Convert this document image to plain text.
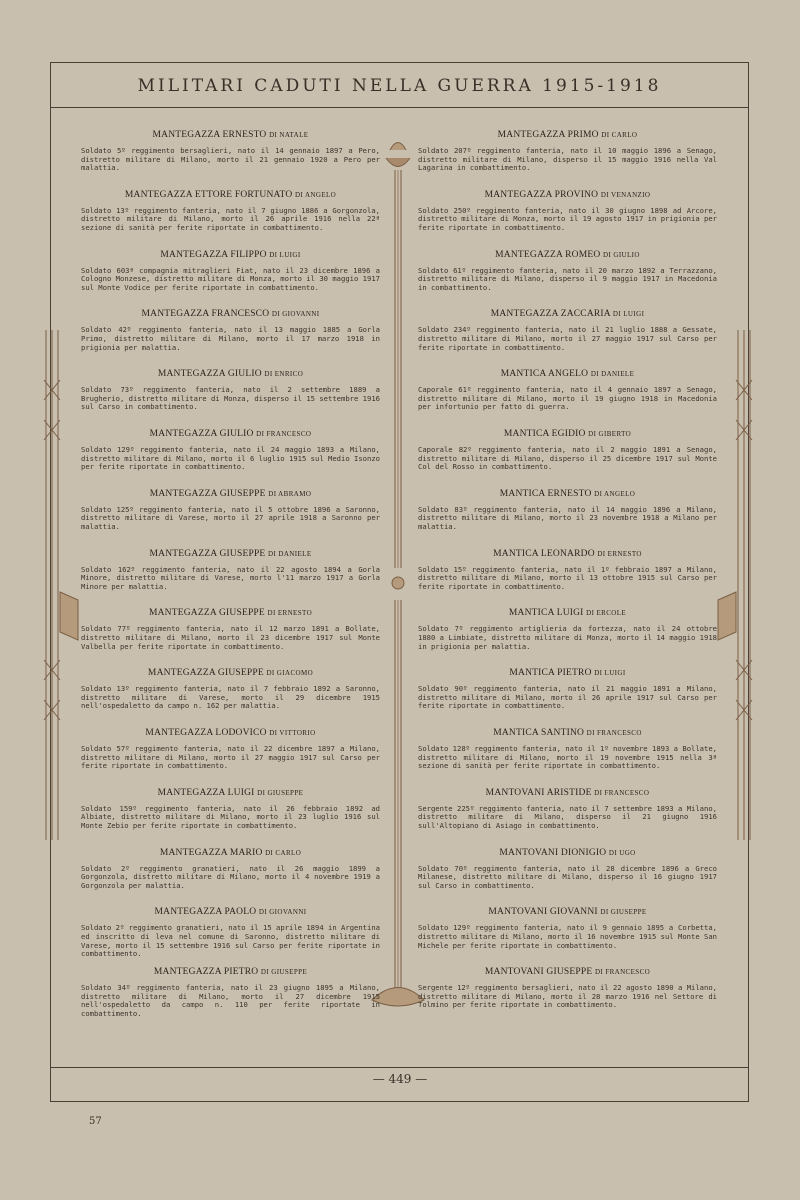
MILITARI CADUTI NELLA GUERRA 1915-1918
MANTEGAZZA ERNESTO DI NATALE
Soldato 5º reggimento bersaglieri, nato il 14 gennaio 1897 a Pero, distretto militare di Milano, morto il 21 gennaio 1920 a Pero per malattia.
MANTEGAZZA ETTORE FORTUNATO DI ANGELO
Soldato 13º reggimento fanteria, nato il 7 giugno 1886 a Gorgonzola, distretto militare di Milano, morto il 26 aprile 1916 nella 22ª sezione di sanità per ferite riportate in combattimento.
MANTEGAZZA FILIPPO DI LUIGI
Soldato 603ª compagnia mitraglieri Fiat, nato il 23 dicembre 1896 a Cologno Monzese, distretto militare di Monza, morto il 30 maggio 1917 sul Monte Vodice per ferite riportate in combattimento.
MANTEGAZZA FRANCESCO DI GIOVANNI
Soldato 42º reggimento fanteria, nato il 13 maggio 1885 a Gorla Primo, distretto militare di Milano, morto il 17 marzo 1918 in prigionia per malattia.
MANTEGAZZA GIULIO DI ENRICO
Soldato 73º reggimento fanteria, nato il 2 settembre 1889 a Brugherio, distretto militare di Monza, disperso il 15 settembre 1916 sul Carso in combattimento.
MANTEGAZZA GIULIO DI FRANCESCO
Soldato 129º reggimento fanteria, nato il 24 maggio 1893 a Milano, distretto militare di Milano, morto il 6 luglio 1915 sul Medio Isonzo per ferite riportate in combattimento.
MANTEGAZZA GIUSEPPE DI ABRAMO
Soldato 125º reggimento fanteria, nato il 5 ottobre 1896 a Saronno, distretto militare di Varese, morto il 27 aprile 1918 a Saronno per malattia.
MANTEGAZZA GIUSEPPE DI DANIELE
Soldato 162º reggimento fanteria, nato il 22 agosto 1894 a Gorla Minore, distretto militare di Varese, morto l'11 marzo 1917 a Gorla Minore per malattia.
MANTEGAZZA GIUSEPPE DI ERNESTO
Soldato 77º reggimento fanteria, nato il 12 marzo 1891 a Bollate, distretto militare di Milano, morto il 23 dicembre 1917 sul Monte Valbella per ferite riportate in combattimento.
MANTEGAZZA GIUSEPPE DI GIACOMO
Soldato 13º reggimento fanteria, nato il 7 febbraio 1892 a Saronno, distretto militare di Varese, morto il 29 dicembre 1915 nell'ospedaletto da campo n. 162 per malattia.
MANTEGAZZA LODOVICO DI VITTORIO
Soldato 57º reggimento fanteria, nato il 22 dicembre 1897 a Milano, distretto militare di Milano, morto il 27 maggio 1917 sul Carso per ferite riportate in combattimento.
MANTEGAZZA LUIGI DI GIUSEPPE
Soldato 159º reggimento fanteria, nato il 26 febbraio 1892 ad Albiate, distretto militare di Milano, morto il 23 luglio 1916 sul Monte Zebio per ferite riportate in combattimento.
MANTEGAZZA MARIO DI CARLO
Soldato 2º reggimento granatieri, nato il 26 maggio 1899 a Gorgonzola, distretto militare di Milano, morto il 4 novembre 1919 a Gorgonzola per malattia.
MANTEGAZZA PAOLO DI GIOVANNI
Soldato 2º reggimento granatieri, nato il 15 aprile 1894 in Argentina ed inscritto di leva nel comune di Saronno, distretto militare di Varese, morto il 15 settembre 1916 sul Carso per ferite riportate in combattimento.
MANTEGAZZA PIETRO DI GIUSEPPE
Soldato 34º reggimento fanteria, nato il 23 giugno 1895 a Milano, distretto militare di Milano, morto il 27 dicembre 1915 nell'ospedaletto da campo n. 110 per ferite riportate in combattimento.
MANTEGAZZA PRIMO DI CARLO
Soldato 207º reggimento fanteria, nato il 10 maggio 1896 a Senago, distretto militare di Milano, disperso il 15 maggio 1916 nella Val Lagarina in combattimento.
MANTEGAZZA PROVINO DI VENANZIO
Soldato 250º reggimento fanteria, nato il 30 giugno 1898 ad Arcore, distretto militare di Monza, morto il 19 agosto 1917 in prigionia per ferite riportate in combattimento.
MANTEGAZZA ROMEO DI GIULIO
Soldato 61º reggimento fanteria, nato il 20 marzo 1892 a Terrazzano, distretto militare di Milano, disperso il 9 maggio 1917 in Macedonia in combattimento.
MANTEGAZZA ZACCARIA DI LUIGI
Soldato 234º reggimento fanteria, nato il 21 luglio 1888 a Gessate, distretto militare di Milano, morto il 27 maggio 1917 sul Carso per ferite riportate in combattimento.
MANTICA ANGELO DI DANIELE
Caporale 61º reggimento fanteria, nato il 4 gennaio 1897 a Senago, distretto militare di Milano, morto il 19 giugno 1918 in Macedonia per infortunio per fatto di guerra.
MANTICA EGIDIO DI GIBERTO
Caporale 82º reggimento fanteria, nato il 2 maggio 1891 a Senago, distretto militare di Milano, disperso il 25 dicembre 1917 sul Monte Col del Rosso in combattimento.
MANTICA ERNESTO DI ANGELO
Soldato 83º reggimento fanteria, nato il 14 maggio 1896 a Milano, distretto militare di Milano, morto il 23 novembre 1918 a Milano per malattia.
MANTICA LEONARDO DI ERNESTO
Soldato 15º reggimento fanteria, nato il 1º febbraio 1897 a Milano, distretto militare di Milano, morto il 13 ottobre 1915 sul Carso per ferite riportate in combattimento.
MANTICA LUIGI DI ERCOLE
Soldato 7º reggimento artiglieria da fortezza, nato il 24 ottobre 1880 a Limbiate, distretto militare di Monza, morto il 14 maggio 1918 in prigionia per malattia.
MANTICA PIETRO DI LUIGI
Soldato 90º reggimento fanteria, nato il 21 maggio 1891 a Milano, distretto militare di Milano, morto il 26 aprile 1917 sul Carso per ferite riportate in combattimento.
MANTICA SANTINO DI FRANCESCO
Soldato 128º reggimento fanteria, nato il 1º novembre 1893 a Bollate, distretto militare di Milano, morto il 19 novembre 1915 nella 3ª sezione di sanità per ferite riportate in combattimento.
MANTOVANI ARISTIDE DI FRANCESCO
Sergente 225º reggimento fanteria, nato il 7 settembre 1893 a Milano, distretto militare di Milano, disperso il 21 giugno 1916 sull'Altopiano di Asiago in combattimento.
MANTOVANI DIONIGIO DI UGO
Soldato 70º reggimento fanteria, nato il 28 dicembre 1896 a Greco Milanese, distretto militare di Milano, disperso il 16 giugno 1917 sul Carso in combattimento.
MANTOVANI GIOVANNI DI GIUSEPPE
Soldato 129º reggimento fanteria, nato il 9 gennaio 1895 a Corbetta, distretto militare di Milano, morto il 16 novembre 1915 sul Monte San Michele per ferite riportate in combattimento.
MANTOVANI GIUSEPPE DI FRANCESCO
Sergente 12º reggimento bersaglieri, nato il 22 agosto 1890 a Milano, distretto militare di Milano, morto il 28 marzo 1916 nel Settore di Tolmino per ferite riportate in combattimento.
— 449 —
57
